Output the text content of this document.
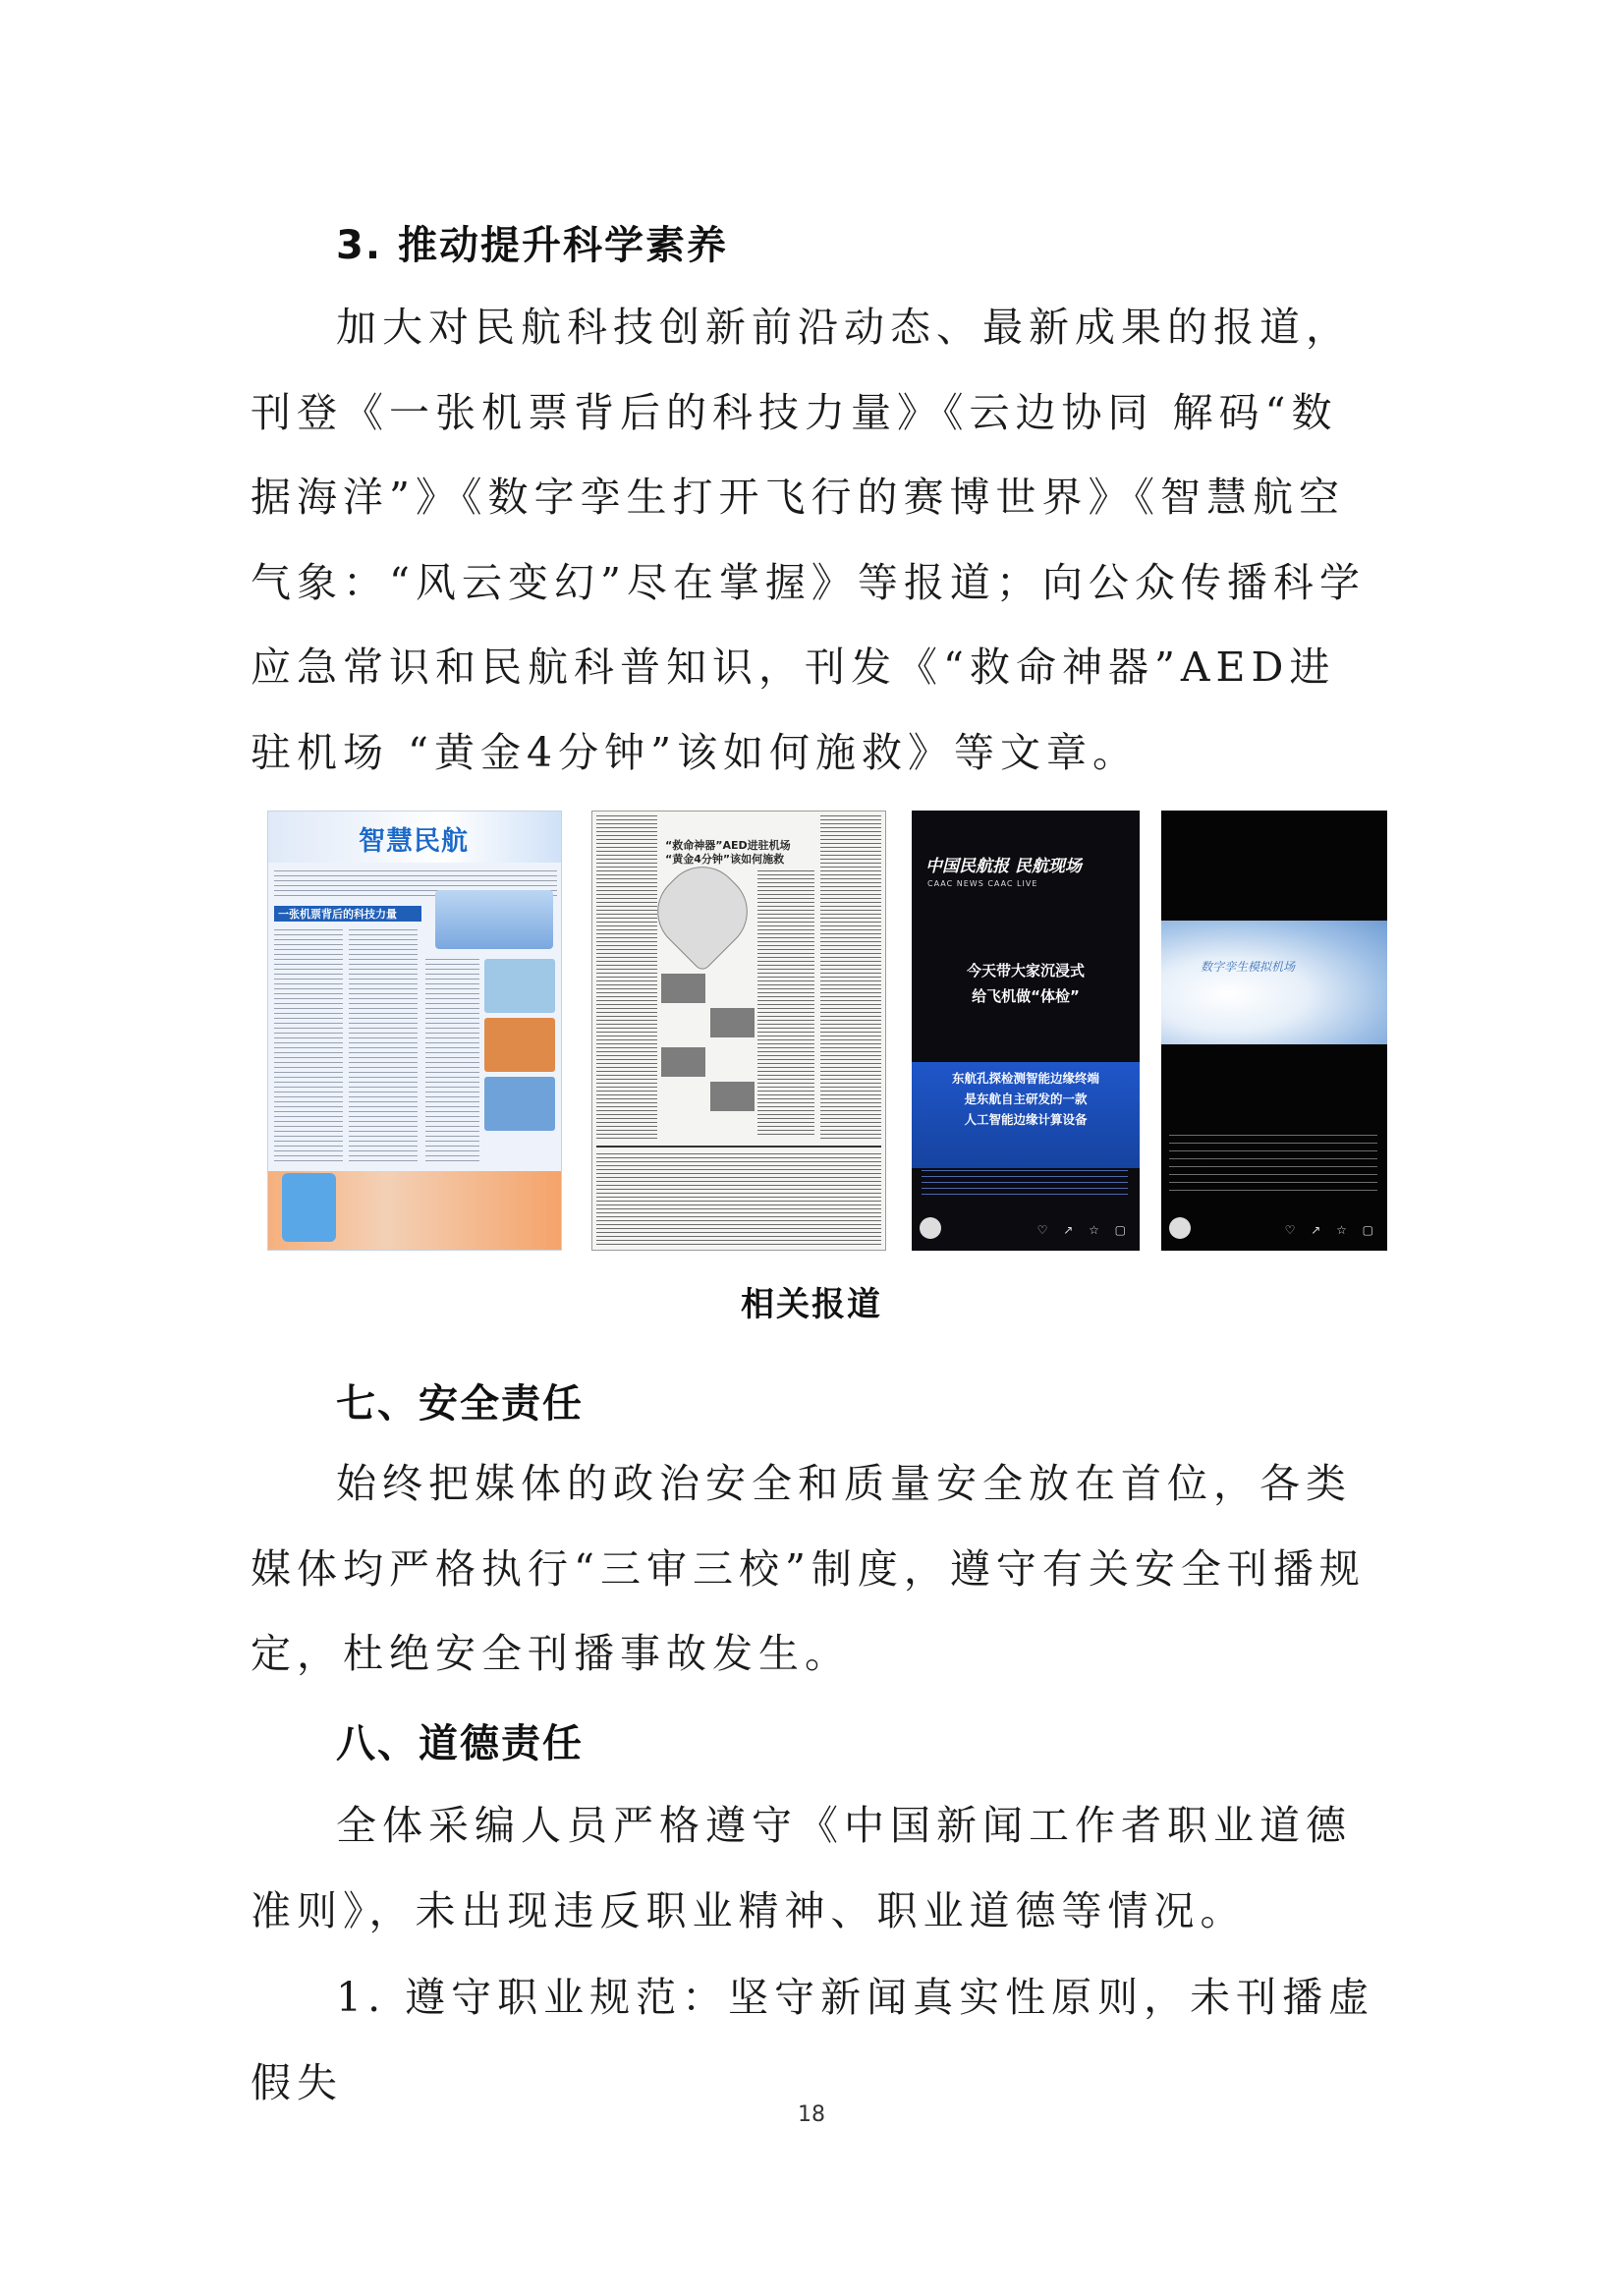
3. 推动提升科学素养

加大对民航科技创新前沿动态、最新成果的报道，刊登《一张机票背后的科技力量》《云边协同 解码“数据海洋”》《数字孪生打开飞行的赛博世界》《智慧航空气象：“风云变幻”尽在掌握》等报道；向公众传播科学应急常识和民航科普知识，刊发《“救命神器”AED进驻机场 “黄金4分钟”该如何施救》等文章。

智慧民航
一张机票背后的科技力量
“救命神器”AED进驻机场
“黄金4分钟”该如何施救	中国民航报 民航现场
CAAC NEWS CAAC LIVE
今天带大家沉浸式
给飞机做“体检”
东航孔探检测智能边缘终端
是东航自主研发的一款
人工智能边缘计算设备
♡ ↗ ☆ ▢
数字孪生模拟机场
♡ ↗ ☆ ▢
相关报道
七、安全责任

始终把媒体的政治安全和质量安全放在首位，各类媒体均严格执行“三审三校”制度，遵守有关安全刊播规定，杜绝安全刊播事故发生。

八、道德责任

全体采编人员严格遵守《中国新闻工作者职业道德准则》，未出现违反职业精神、职业道德等情况。

1. 遵守职业规范：坚守新闻真实性原则，未刊播虚假失

18
